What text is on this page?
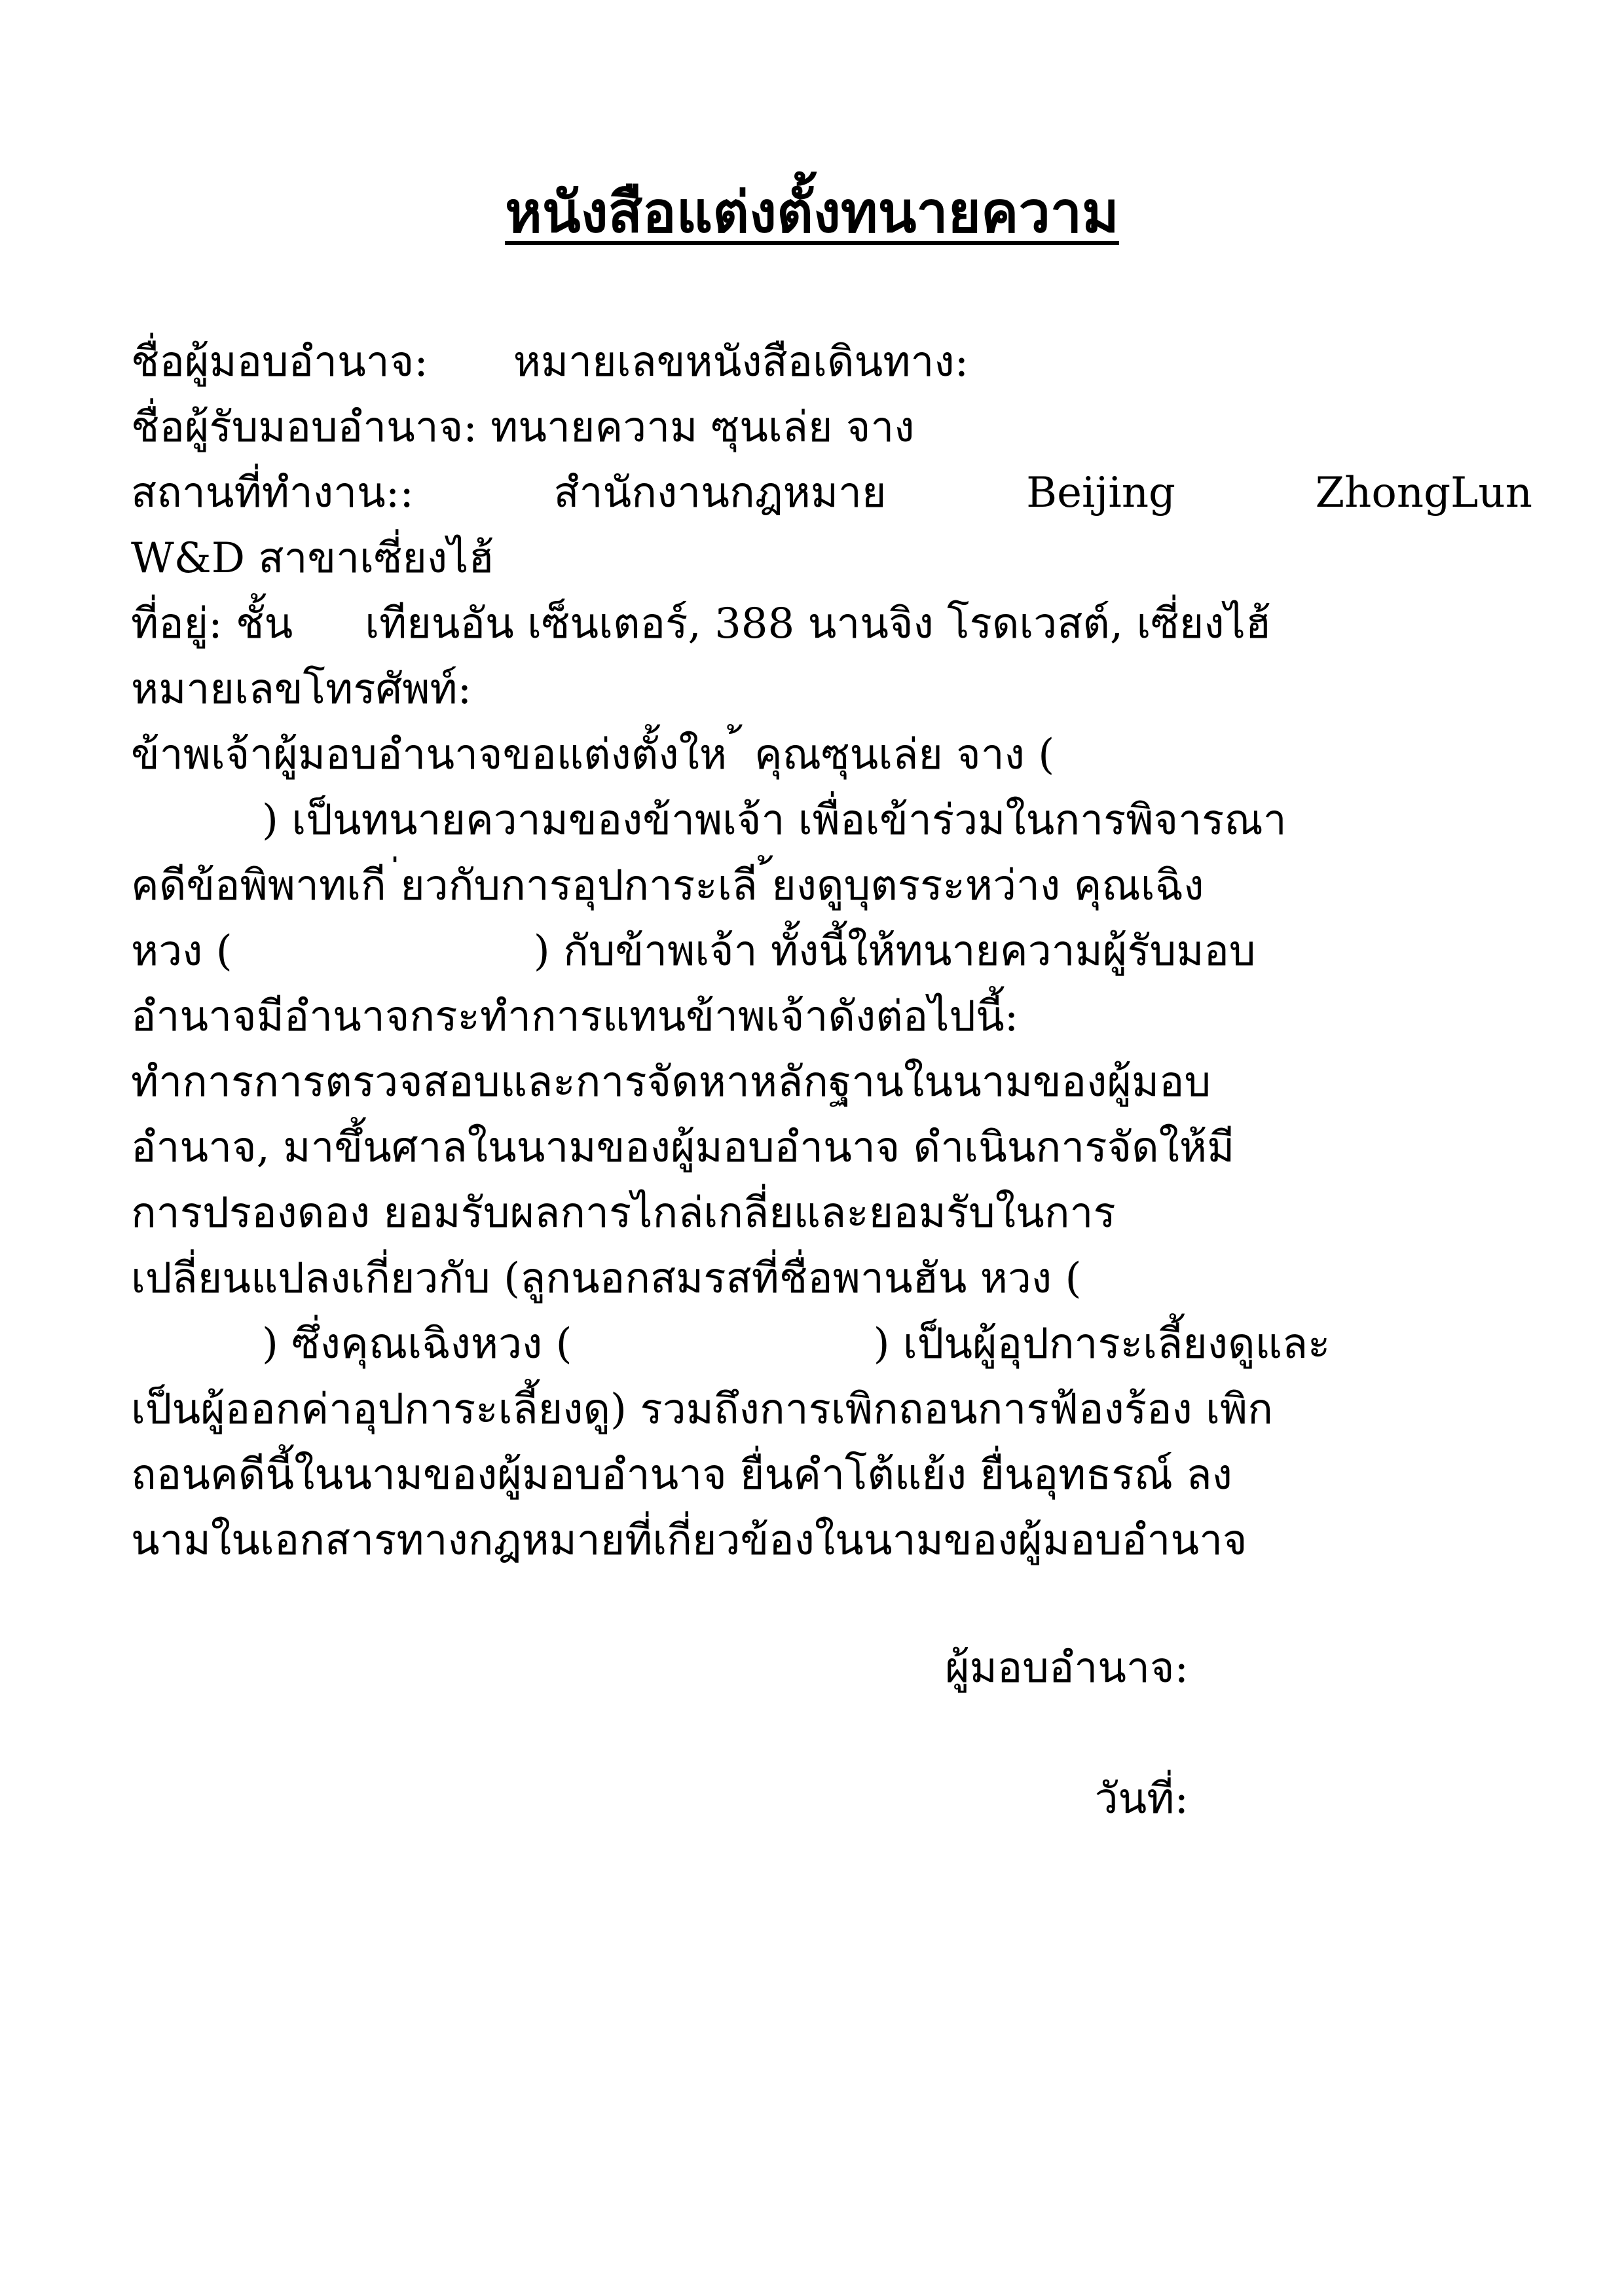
หนังสือแต่งตั้งทนายความ
ชื่อผู้มอบอำนาจ: หมายเลขหนังสือเดินทาง:
ชื่อผู้รับมอบอำนาจ: ทนายความ ซุนเล่ย จาง
สถานที่ทำงาน::	สำนักงานกฎหมาย	Beijing	ZhongLun
W&D สาขาเซี่ยงไฮ้
ที่อยู่: ชั้น เทียนอัน เซ็นเตอร์, 388 นานจิง โรดเวสต์, เซี่ยงไฮ้
หมายเลขโทรศัพท์:
ข้าพเจ้าผู้มอบอำนาจขอแต่งตั้งให ้ คุณซุนเล่ย จาง (
) เป็นทนายความของข้าพเจ้า เพื่อเข้าร่วมในการพิจารณา
คดีข้อพิพาทเกี ่ยวกับการอุปการะเลี ้ยงดูบุตรระหว่าง คุณเฉิง
หวง (	) กับข้าพเจ้า ทั้งนี้ให้ทนายความผู้รับมอบ
อำนาจมีอำนาจกระทำการแทนข้าพเจ้าดังต่อไปนี้:
ทำการการตรวจสอบและการจัดหาหลักฐานในนามของผู้มอบ
อำนาจ, มาขึ้นศาลในนามของผู้มอบอำนาจ ดำเนินการจัดให้มี
การปรองดอง ยอมรับผลการไกล่เกลี่ยและยอมรับในการ
เปลี่ยนแปลงเกี่ยวกับ (ลูกนอกสมรสที่ชื่อพานฮัน หวง (
) ซึ่งคุณเฉิงหวง (	) เป็นผู้อุปการะเลี้ยงดูและ
เป็นผู้ออกค่าอุปการะเลี้ยงดู) รวมถึงการเพิกถอนการฟ้องร้อง เพิก
ถอนคดีนี้ในนามของผู้มอบอำนาจ ยื่นคำโต้แย้ง ยื่นอุทธรณ์ ลง
นามในเอกสารทางกฎหมายที่เกี่ยวข้องในนามของผู้มอบอำนาจ
ผู้มอบอำนาจ:
วันที่:
